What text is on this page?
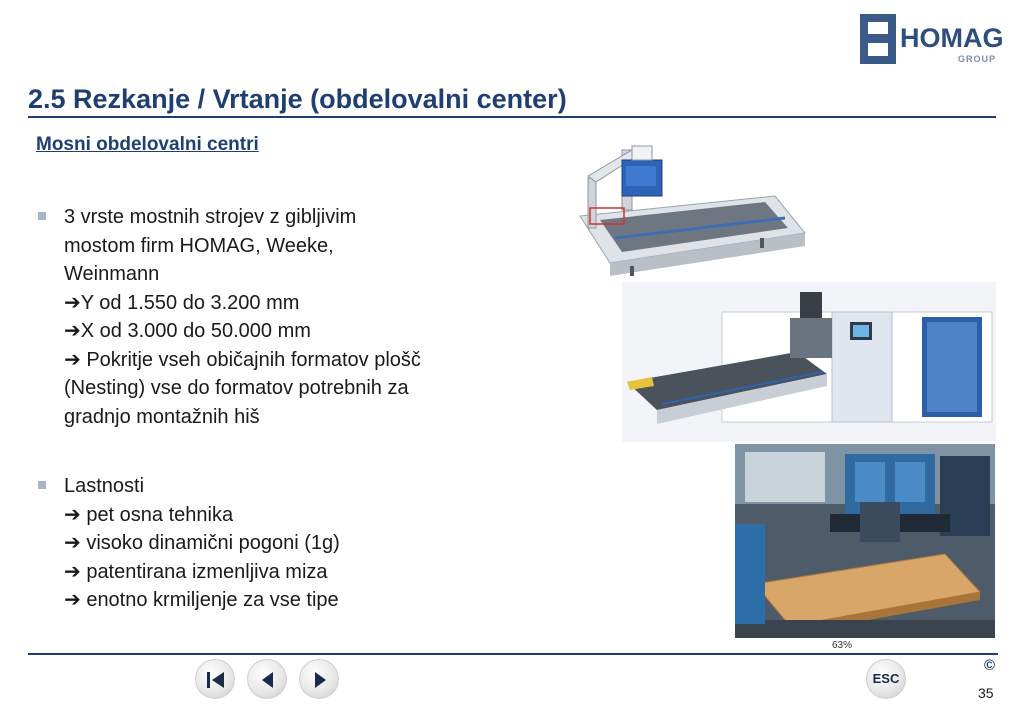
HOMAG
GROUP
2.5 Rezkanje / Vrtanje (obdelovalni center)
Mosni obdelovalni centri
3 vrste mostnih strojev z gibljivim
mostom firm HOMAG, Weeke,
Weinmann
➔Y od 1.550 do 3.200 mm
➔X od 3.000 do 50.000 mm
➔ Pokritje vseh običajnih formatov plošč
(Nesting) vse do formatov potrebnih za
gradnjo montažnih hiš
Lastnosti
➔ pet osna tehnika
➔ visoko dinamični pogoni (1g)
➔ patentirana izmenljiva miza
➔ enotno krmiljenje za vse tipe
63%
ESC
©
35
